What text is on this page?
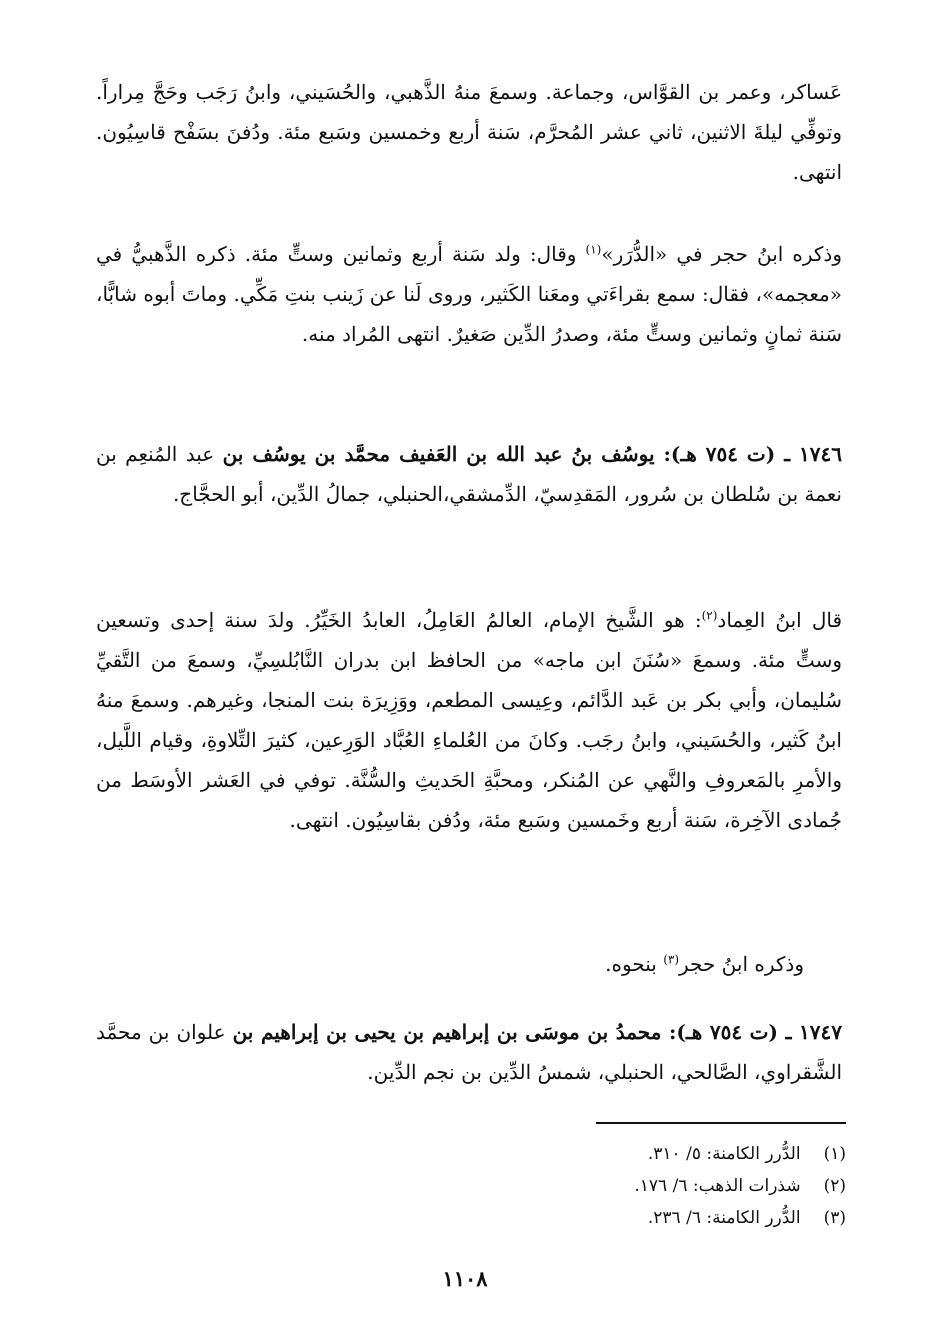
عَساكر، وعمر بن القوَّاس، وجماعة. وسمعَ منهُ الذَّهبي، والحُسَيني، وابنُ رَجَب وحَجَّ مِراراً. وتوفِّي ليلةَ الاثنين، ثاني عشر المُحرَّم، سَنة أربع وخمسين وسَبع مئة. ودُفنَ بسَفْح قاسِيُون. انتهى.

وذكره ابنُ حجر في «الدُّرَر»$^{(١)}$ وقال: ولد سَنة أربع وثمانين وستٍّ مئة. ذكره الذَّهبيُّ في «معجمه»، فقال: سمع بقراءَتي ومعَنا الكَثير، وروى لَنا عن زَينب بنتِ مَكِّي. وماتَ أبوه شابًّا، سَنة ثمانٍ وثمانين وستٍّ مئة، وصدرُ الدِّين صَغيرٌ. انتهى المُراد منه.

١٧٤٦ ـ (ت ٧٥٤ هـ): يوسُف بنُ عبد الله بن العَفيف محمَّد بن يوسُف بن عبد المُنعِم بن نعمة بن سُلطان بن سُرور، المَقدِسيّ، الدِّمشقي،الحنبلي، جمالُ الدِّين، أبو الحجَّاج.

قال ابنُ العِماد$^{(٢)}$: هو الشَّيخ الإمام، العالمُ العَامِلُ، العابدُ الخَيِّرُ. ولدَ سنة إحدى وتسعين وستٍّ مئة. وسمعَ «سُنَنَ ابن ماجه» من الحافظ ابن بدران النَّابُلسِيِّ، وسمعَ من التَّقيِّ سُليمان، وأبي بكر بن عَبد الدَّائم، وعِيسى المطعم، ووَزِيرَة بنت المنجا، وغيرهم. وسمعَ منهُ ابنُ كَثير، والحُسَيني، وابنُ رجَب. وكانَ من العُلماءِ العُبَّاد الوَرِعين، كثيرَ التِّلاوةِ، وقيام اللَّيل، والأمرِ بالمَعروفِ والنَّهي عن المُنكر، ومحبَّةِ الحَديثِ والسُّنَّة. توفي في العَشر الأوسَط من جُمادى الآخِرة، سَنة أربع وخَمسين وسَبع مئة، ودُفن بقاسِيُون. انتهى.

وذكره ابنُ حجر$^{(٣)}$ بنحوه.

١٧٤٧ ـ (ت ٧٥٤ هـ): محمدُ بن موسَى بن إبراهيم بن يحيى بن إبراهيم بن علوان بن محمَّد الشَّقراوي، الصَّالحي، الحنبلي، شمسُ الدِّين بن نجم الدِّين.

(١) الدُّرر الكامنة: ٥/ ٣١٠.
(٢) شذرات الذهب: ٦/ ١٧٦.
(٣) الدُّرر الكامنة: ٦/ ٢٣٦.
١١٠٨
